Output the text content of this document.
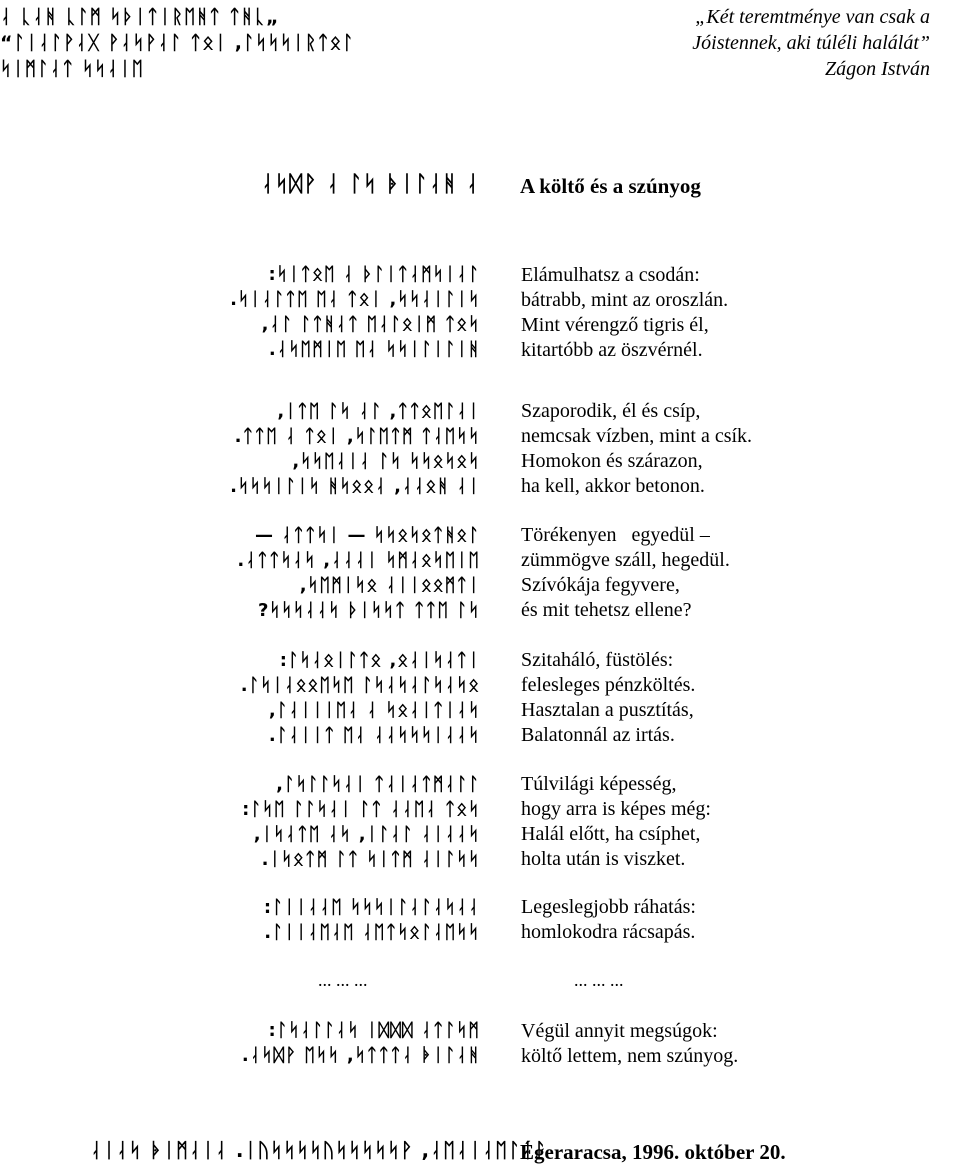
ᛆ ᚳᛆᚻ ᚳᛚᛗ ᛋᚦᛁᛏᛁᚱᛖᚻᛏ ᛏᚻᚳ„
“ᛚᛁᛆᛚᚹᛆᚷ ᚹᛆᛋᚹᛆᛚ ᛏᛟᛁ ,ᛚᛋᛋᛋᛁᚱᛏᛟᛚ
ᛋᛁᛗᛚᛆᛏ ᛋᛋᛆᛁᛖ
ᛆᛋᛞᚹ ᛆ ᛚᛋ ᚧᛁᛚᛆᚻ ᛆ
:ᛋᛁᛏᛟᛖ ᛆ ᚦᛚᛁᛏᛆᛗᛋᛁᛆᛚ
.ᛋᛁᛆᛚᛏᛖ ᛖᛆ ᛏᛟᛁ ,ᛋᛋᛆᛁᛚᛁᛋ
,ᛆᛚ ᛚᛏᚻᛆᛏ ᛖᛆᛚᛟᛁᛗ ᛏᛟᛋ
.ᛆᛋᛖᛗᛁᛖ ᛖᛆ ᛋᛋᛁᛚᛁᛚᛁᚻ
,ᛁᛏᛖ ᛚᛋ ᛆᛚ ,ᛏᛏᛟᛖᛚᛆᛁ
.ᛏᛏᛖ ᛆ ᛏᛟᛁ ,ᛋᛚᛖᛏᛗ ᛏᛆᛖᛋᛋ
,ᛋᛋᛖᛆᛁᛆ ᛚᛋ ᛋᛋᛟᛋᛟᛋ
.ᛋᛋᛋᛁᛚᛁᛋ ᚻᛋᛟᛟᛆ ,ᛆᛆᛟᚻ ᛆᛁ
— ᛆᛏᛏᛋᛁ — ᛋᛋᛟᛋᛟᛏᚻᛟᛚ
.ᛆᛏᛏᛋᛆᛋ ,ᛆᛆᛆᛁ ᛋᛗᛆᛟᛋᛖᛁᛖ
,ᛋᛖᛗᛁᛋᛟ ᛆᛁᛁᛟᛟᛗᛏᛁ
?ᛋᛋᛋᛆᛆᛋ ᚦᛁᛋᛋᛏ ᛏᛏᛖ ᛚᛋ
:ᛚᛋᛆᛟᛁᛚᛏᛟ ,ᛟᛆᛁᛋᛆᛏᛁ
.ᛚᛋᛁᛆᛟᛟᛖᛋᛖ ᛚᛋᛆᛋᛆᛚᛋᛆᛋᛟ
,ᛚᛆᛁᛁᛁᛖᛆ ᛆ ᛋᛟᛆᛁᛏᛁᛆᛋ
.ᛚᛆᛁᛁᛏ ᛖᛆ ᛆᛆᛋᛋᛋᛁᛆᛆᛋ
,ᛚᛋᛚᛚᛋᛆᛁ ᛏᛆᛁᛆᛏᛗᛆᛚᛚ
:ᛚᛋᛖ ᛚᛚᛋᛆᛁ ᛚᛏ ᛆᛆᛖᛆ ᛏᛟᛋ
,ᛁᛋᛆᛏᛖ ᛆᛋ ,ᛁᛚᛆᛚ ᛆᛁᛆᛆᛋ
.ᛁᛋᛟᛏᛗ ᛚᛏ ᛋᛁᛏᛗ ᛆᛁᛚᛋᛋ
:ᛚᛁᛁᛆᛆᛖ ᛋᛋᛋᛁᛚᛆᛚᛆᛋᛆᛆ
.ᛚᛁᛁᛆᛖᛆᛖ ᛆᛖᛏᛋᛟᛚᛆᛖᛋᛋ
... ... ...
:ᛚᛋᛆᛚᛚᛆᛋ ᛁᛞᛞᛞ ᛆᛏᛚᛋᛗ
.ᛆᛋᛞᚹ ᛖᛋᛋ ,ᛋᛏᛏᛏᛆ ᚧᛁᛚᛆᚻ
ᛆᛁᛆᛋ ᚧᛁᛗᛆᛁᛆ .ᛁᚢᛋᛋᛋᛋᚢᛋᛋᛋᛋᛋᚹ ,ᛆᛖᛆᛁᛆᛖᛚᛆᛚ
„Két teremtménye van csak a
Jóistennek, aki túléli halálát”
Zágon István
A költő és a szúnyog
Elámulhatsz a csodán:
bátrabb, mint az oroszlán.
Mint vérengző tigris él,
kitartóbb az öszvérnél.
Szaporodik, él és csíp,
nemcsak vízben, mint a csík.
Homokon és szárazon,
ha kell, akkor betonon.
Törékenyen   egyedül –
zümmögve száll, hegedül.
Szívókája fegyvere,
és mit tehetsz ellene?
Szitaháló, füstölés:
felesleges pénzköltés.
Hasztalan a pusztítás,
Balatonnál az irtás.
Túlvilági képesség,
hogy arra is képes még:
Halál előtt, ha csíphet,
holta után is viszket.
Legeslegjobb ráhatás:
homlokodra rácsapás.
... ... ...
Végül annyit megsúgok:
költő lettem, nem szúnyog.
Égeraracsa, 1996. október 20.
